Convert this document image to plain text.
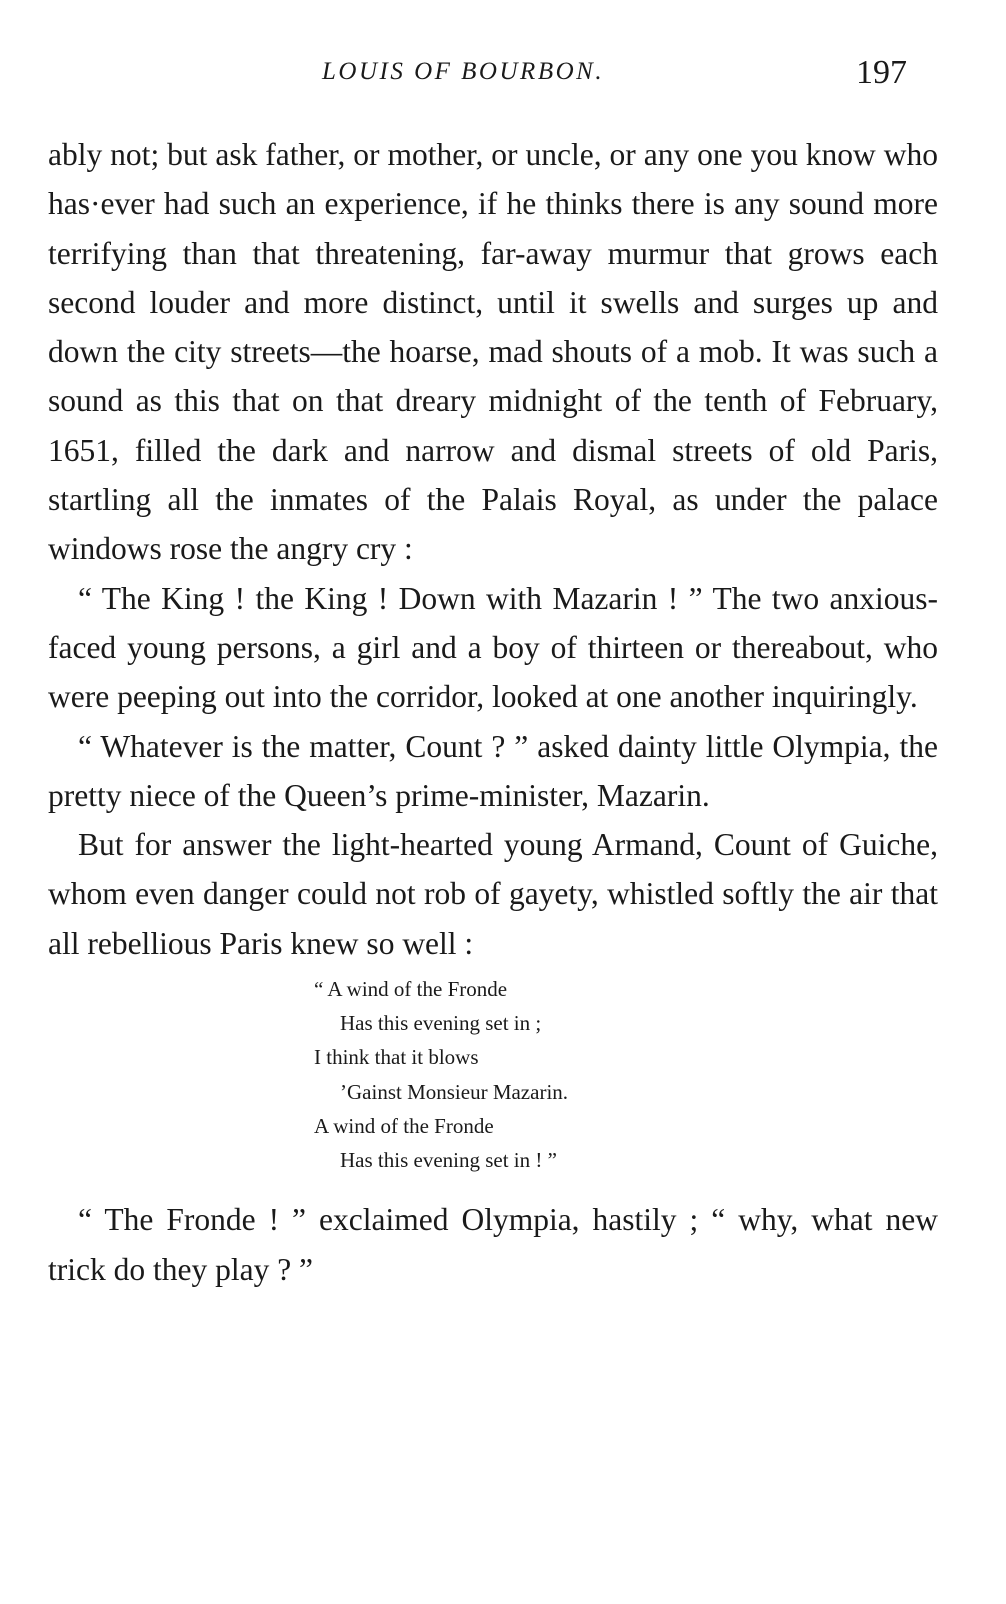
LOUIS OF BOURBON.	197

ably not; but ask father, or mother, or uncle, or any one you know who has·ever had such an experience, if he thinks there is any sound more terrifying than that threatening, far-away murmur that grows each second louder and more distinct, until it swells and surges up and down the city streets—the hoarse, mad shouts of a mob. It was such a sound as this that on that dreary midnight of the tenth of February, 1651, filled the dark and narrow and dismal streets of old Paris, startling all the inmates of the Palais Royal, as under the palace windows rose the angry cry :

“ The King ! the King ! Down with Mazarin ! ” The two anxious-faced young persons, a girl and a boy of thirteen or thereabout, who were peeping out into the corridor, looked at one another inquiringly.

“ Whatever is the matter, Count ? ” asked dainty little Olympia, the pretty niece of the Queen’s prime-minister, Mazarin.

But for answer the light-hearted young Armand, Count of Guiche, whom even danger could not rob of gayety, whistled softly the air that all rebellious Paris knew so well :

“ A wind of the Fronde
Has this evening set in ;
I think that it blows
’Gainst Monsieur Mazarin.
A wind of the Fronde
Has this evening set in ! ”

“ The Fronde ! ” exclaimed Olympia, hastily ; “ why, what new trick do they play ? ”
